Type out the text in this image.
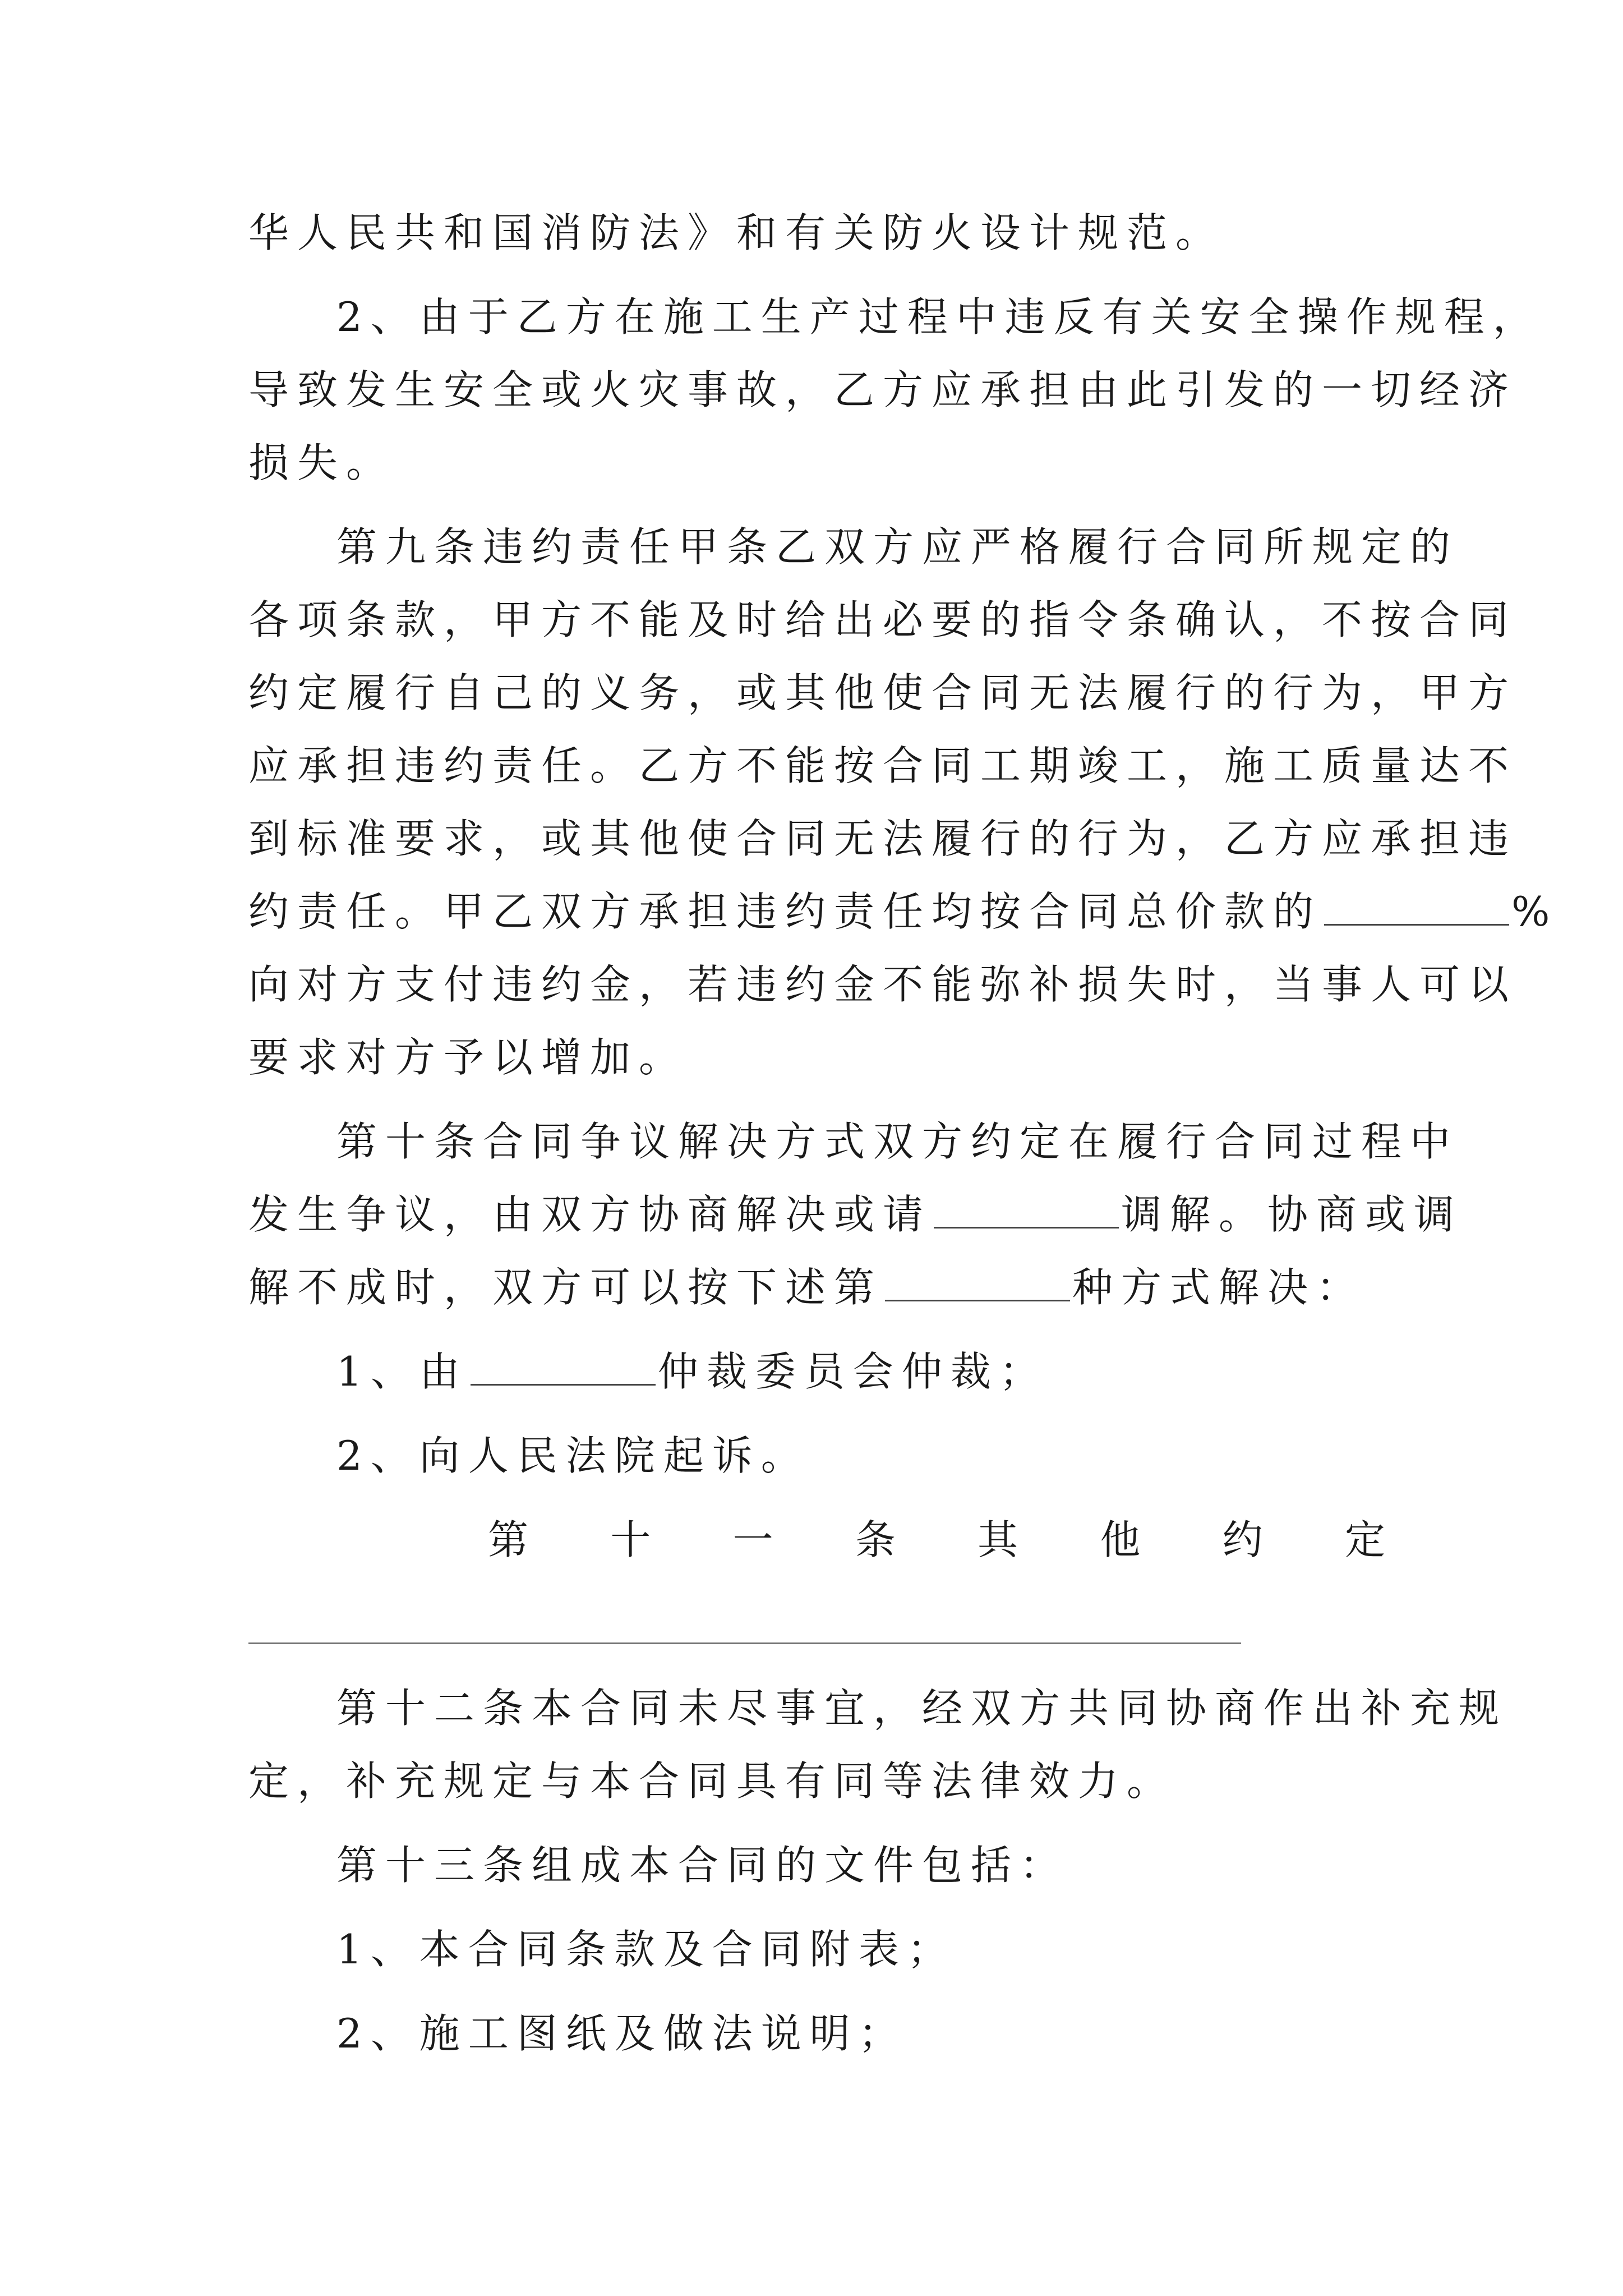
华人民共和国消防法》和有关防火设计规范。
2、由于乙方在施工生产过程中违反有关安全操作规程，
导致发生安全或火灾事故，乙方应承担由此引发的一切经济
损失。
第九条违约责任甲条乙双方应严格履行合同所规定的
各项条款，甲方不能及时给出必要的指令条确认，不按合同
约定履行自己的义务，或其他使合同无法履行的行为，甲方
应承担违约责任。乙方不能按合同工期竣工，施工质量达不
到标准要求，或其他使合同无法履行的行为，乙方应承担违
约责任。甲乙双方承担违约责任均按合同总价款的	%
向对方支付违约金，若违约金不能弥补损失时，当事人可以
要求对方予以增加。
第十条合同争议解决方式双方约定在履行合同过程中
发生争议，由双方协商解决或请	调解。协商或调
解不成时，双方可以按下述第	种方式解决：
1、由	仲裁委员会仲裁；
2、向人民法院起诉。
第 十 一 条 其 他 约 定
第十二条本合同未尽事宜，经双方共同协商作出补充规
定，补充规定与本合同具有同等法律效力。
第十三条组成本合同的文件包括：
1、本合同条款及合同附表；
2、施工图纸及做法说明；
